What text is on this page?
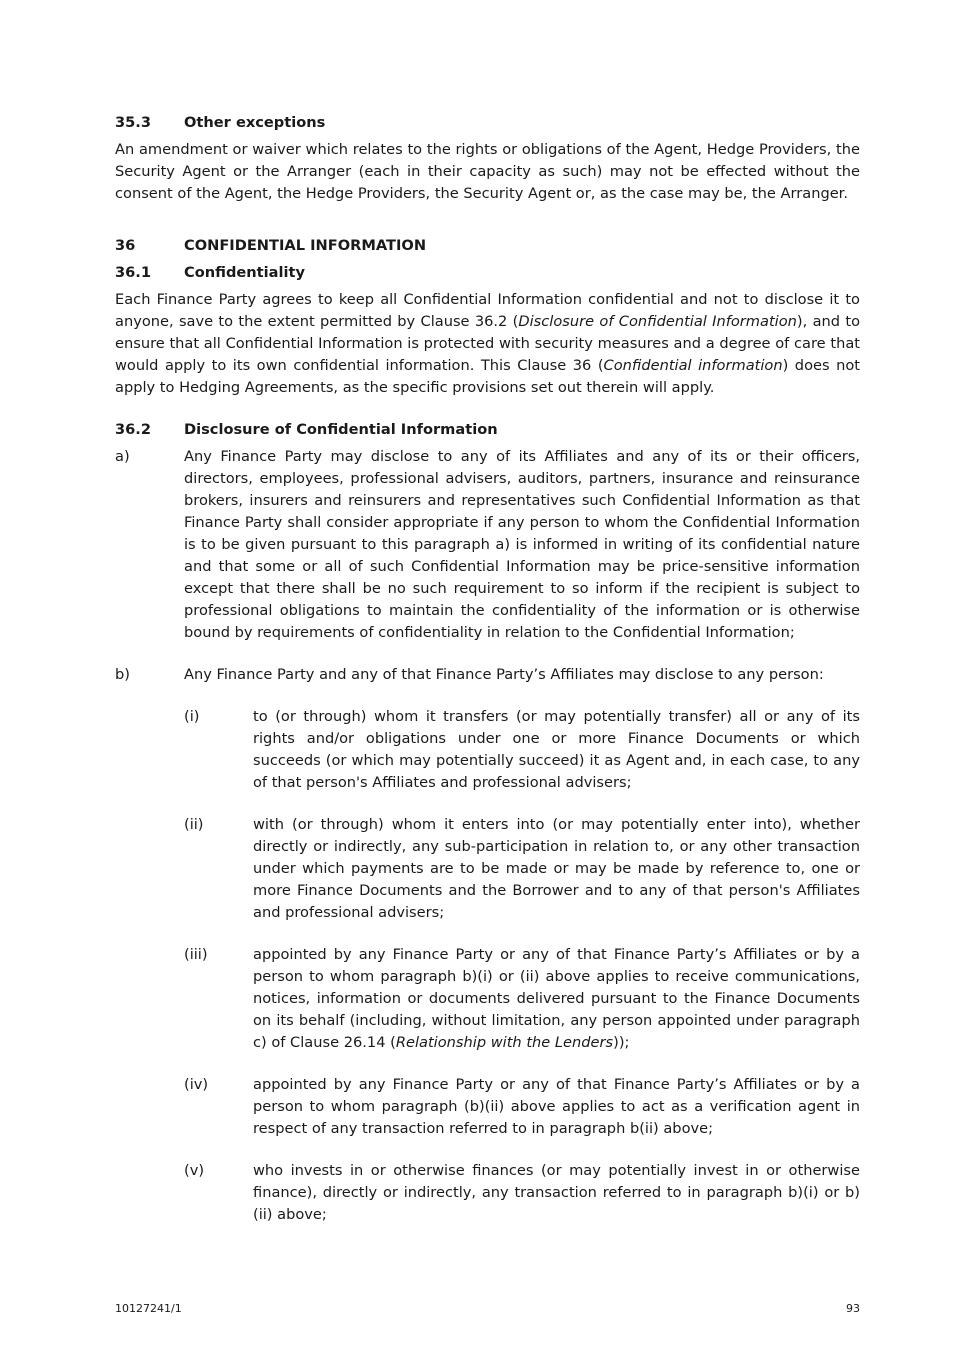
35.3	Other exceptions

An amendment or waiver which relates to the rights or obligations of the Agent, Hedge Providers, the Security Agent or the Arranger (each in their capacity as such) may not be effected without the consent of the Agent, the Hedge Providers, the Security Agent or, as the case may be, the Arranger.

36	CONFIDENTIAL INFORMATION
36.1	Confidentiality

Each Finance Party agrees to keep all Confidential Information confidential and not to disclose it to anyone, save to the extent permitted by Clause 36.2 (Disclosure of Confidential Information), and to ensure that all Confidential Information is protected with security measures and a degree of care that would apply to its own confidential information. This Clause 36 (Confidential information) does not apply to Hedging Agreements, as the specific provisions set out therein will apply.

36.2	Disclosure of Confidential Information
a)	Any Finance Party may disclose to any of its Affiliates and any of its or their officers, directors, employees, professional advisers, auditors, partners, insurance and reinsurance brokers, insurers and reinsurers and representatives such Confidential Information as that Finance Party shall consider appropriate if any person to whom the Confidential Information is to be given pursuant to this paragraph a) is informed in writing of its confidential nature and that some or all of such Confidential Information may be price-sensitive information except that there shall be no such requirement to so inform if the recipient is subject to professional obligations to maintain the confidentiality of the information or is otherwise bound by requirements of confidentiality in relation to the Confidential Information;
b)	Any Finance Party and any of that Finance Party’s Affiliates may disclose to any person:
(i)	to (or through) whom it transfers (or may potentially transfer) all or any of its rights and/or obligations under one or more Finance Documents or which succeeds (or which may potentially succeed) it as Agent and, in each case, to any of that person's Affiliates and professional advisers;
(ii)	with (or through) whom it enters into (or may potentially enter into), whether directly or indirectly, any sub-participation in relation to, or any other transaction under which payments are to be made or may be made by reference to, one or more Finance Documents and the Borrower and to any of that person's Affiliates and professional advisers;
(iii)	appointed by any Finance Party or any of that Finance Party’s Affiliates or by a person to whom paragraph b)(i) or (ii) above applies to receive communications, notices, information or documents delivered pursuant to the Finance Documents on its behalf (including, without limitation, any person appointed under paragraph c) of Clause 26.14 (Relationship with the Lenders));
(iv)	appointed by any Finance Party or any of that Finance Party’s Affiliates or by a person to whom paragraph (b)(ii) above applies to act as a verification agent in respect of any transaction referred to in paragraph b(ii) above;
(v)	who invests in or otherwise finances (or may potentially invest in or otherwise finance), directly or indirectly, any transaction referred to in paragraph b)(i) or b)(ii) above;
10127241/1	93
